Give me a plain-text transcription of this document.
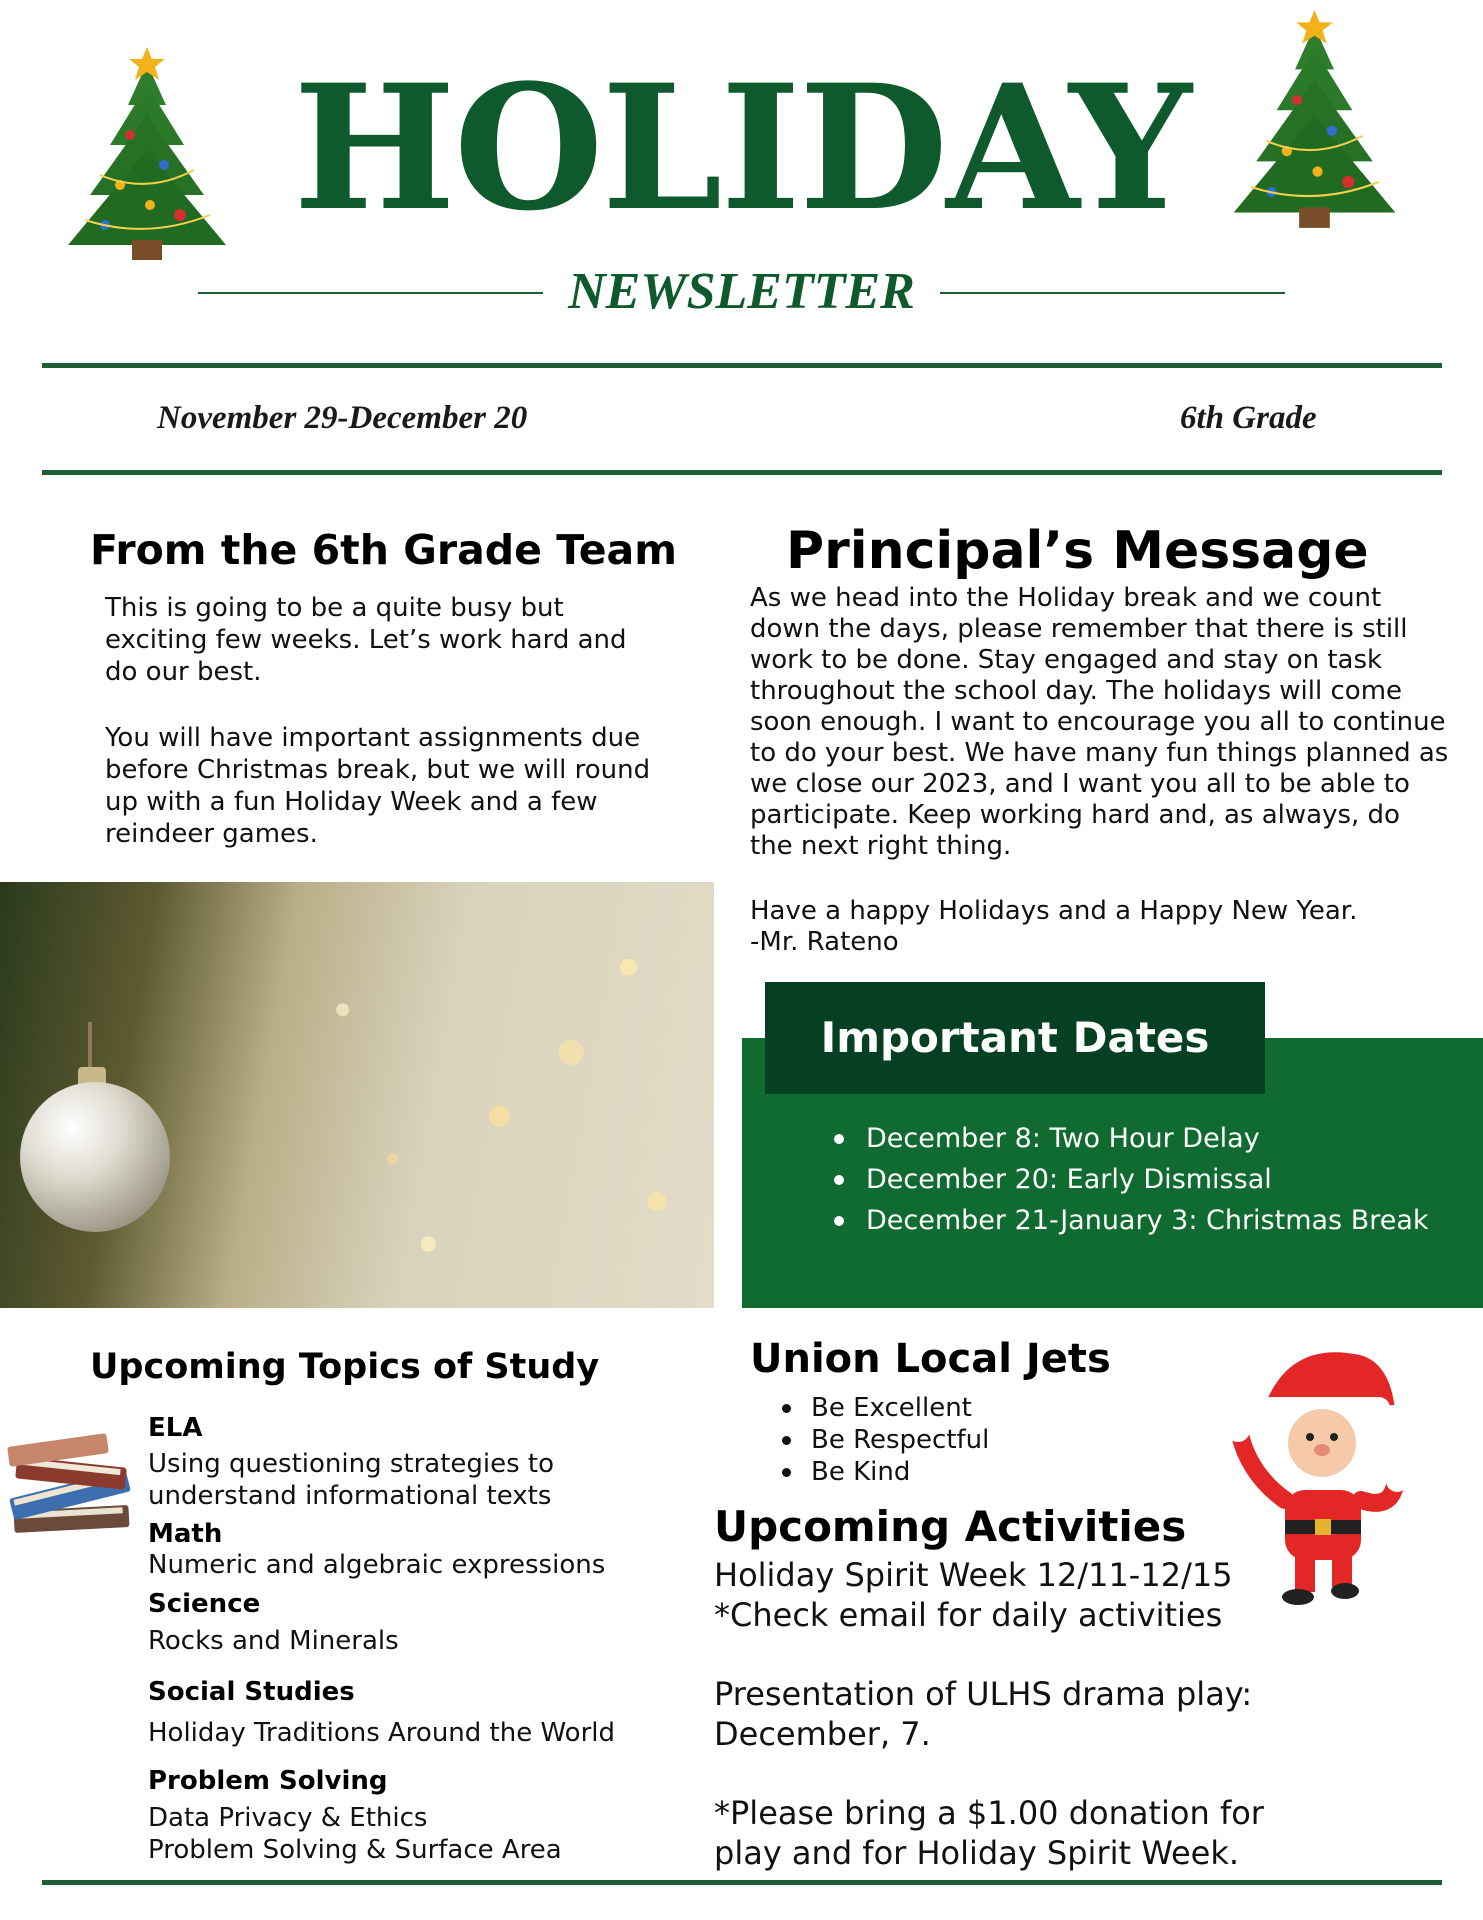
HOLIDAY
NEWSLETTER
November 29-December 20	6th Grade
From the 6th Grade Team
This is going to be a quite busy but exciting few weeks. Let’s work hard and do our best.
You will have important assignments due before Christmas break, but we will round up with a fun Holiday Week and a few reindeer games.
Principal’s Message
As we head into the Holiday break and we count down the days, please remember that there is still work to be done. Stay engaged and stay on task throughout the school day. The holidays will come soon enough. I want to encourage you all to continue to do your best. We have many fun things planned as we close our 2023, and I want you all to be able to participate. Keep working hard and, as always, do the next right thing.
Have a happy Holidays and a Happy New Year.
-Mr. Rateno
Important Dates
December 8: Two Hour Delay
December 20: Early Dismissal
December 21-January 3: Christmas Break
Upcoming Topics of Study
ELA
Using questioning strategies to understand informational texts
Math
Numeric and algebraic expressions
Science
Rocks and Minerals
Social Studies
Holiday Traditions Around the World
Problem Solving
Data Privacy & Ethics
Problem Solving & Surface Area
Union Local Jets
Be Excellent
Be Respectful
Be Kind
Upcoming Activities
Holiday Spirit Week 12/11-12/15
*Check email for daily activities
Presentation of ULHS drama play:
December, 7.
*Please bring a $1.00 donation for
play and for Holiday Spirit Week.
